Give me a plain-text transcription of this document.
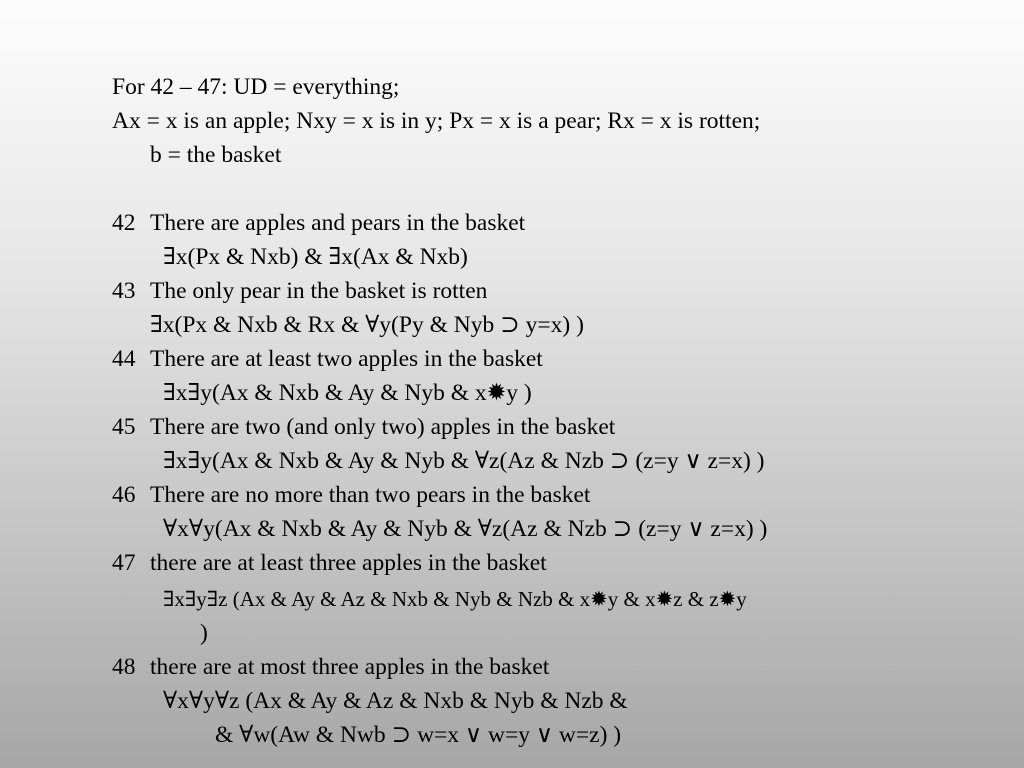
For 42 – 47: UD = everything;
Ax = x is an apple; Nxy = x is in y; Px = x is a pear; Rx = x is rotten;
b = the basket
42 There are apples and pears in the basket
∃x(Px & Nxb) & ∃x(Ax & Nxb)
43 The only pear in the basket is rotten
∃x(Px & Nxb & Rx & ∀y(Py & Nyb ⊃ y=x) )
44 There are at least two apples in the basket
∃x∃y(Ax & Nxb & Ay & Nyb & x✹y )
45 There are two (and only two) apples in the basket
∃x∃y(Ax & Nxb & Ay & Nyb & ∀z(Az & Nzb ⊃ (z=y ∨ z=x) )
46 There are no more than two pears in the basket
∀x∀y(Ax & Nxb & Ay & Nyb & ∀z(Az & Nzb ⊃ (z=y ∨ z=x) )
47 there are at least three apples in the basket
∃x∃y∃z (Ax & Ay & Az & Nxb & Nyb & Nzb & x✹y & x✹z & z✹y
)
48 there are at most three apples in the basket
∀x∀y∀z (Ax & Ay & Az & Nxb & Nyb & Nzb &
& ∀w(Aw & Nwb ⊃ w=x ∨ w=y ∨ w=z) )
